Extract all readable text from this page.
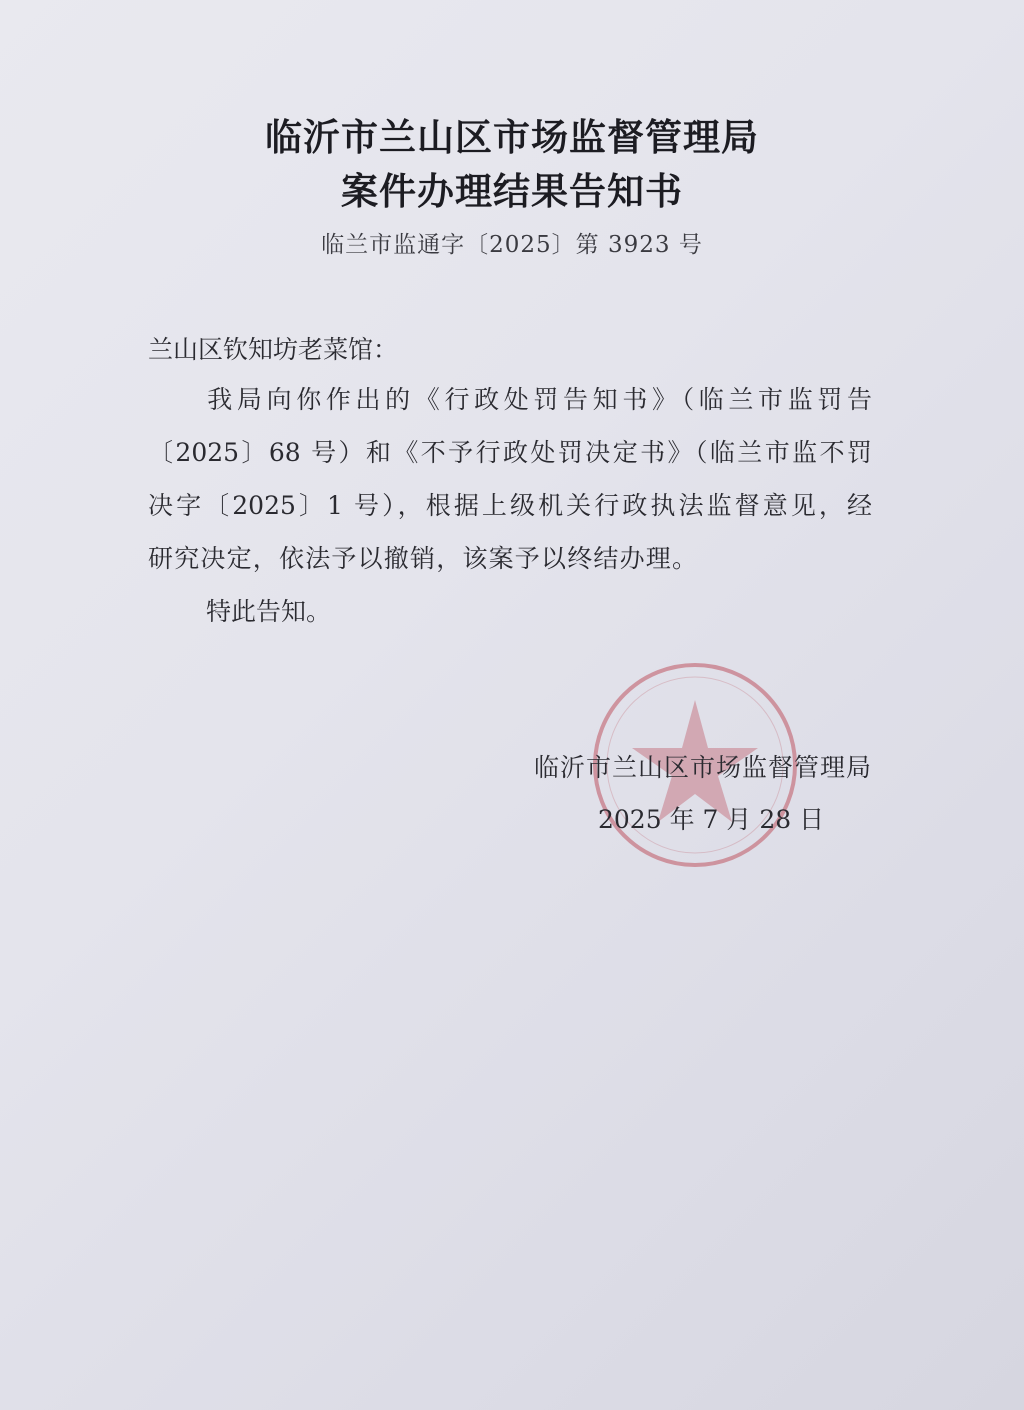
临沂市兰山区市场监督管理局
案件办理结果告知书
临兰市监通字〔2025〕第 3923 号
兰山区钦知坊老菜馆：
　　我局向你作出的《行政处罚告知书》（临兰市监罚告
〔2025〕68 号）和《不予行政处罚决定书》（临兰市监不罚
决字〔2025〕1 号），根据上级机关行政执法监督意见，经
研究决定，依法予以撤销，该案予以终结办理。
特此告知。
临沂市兰山区市场监督管理局
2025 年 7 月 28 日
